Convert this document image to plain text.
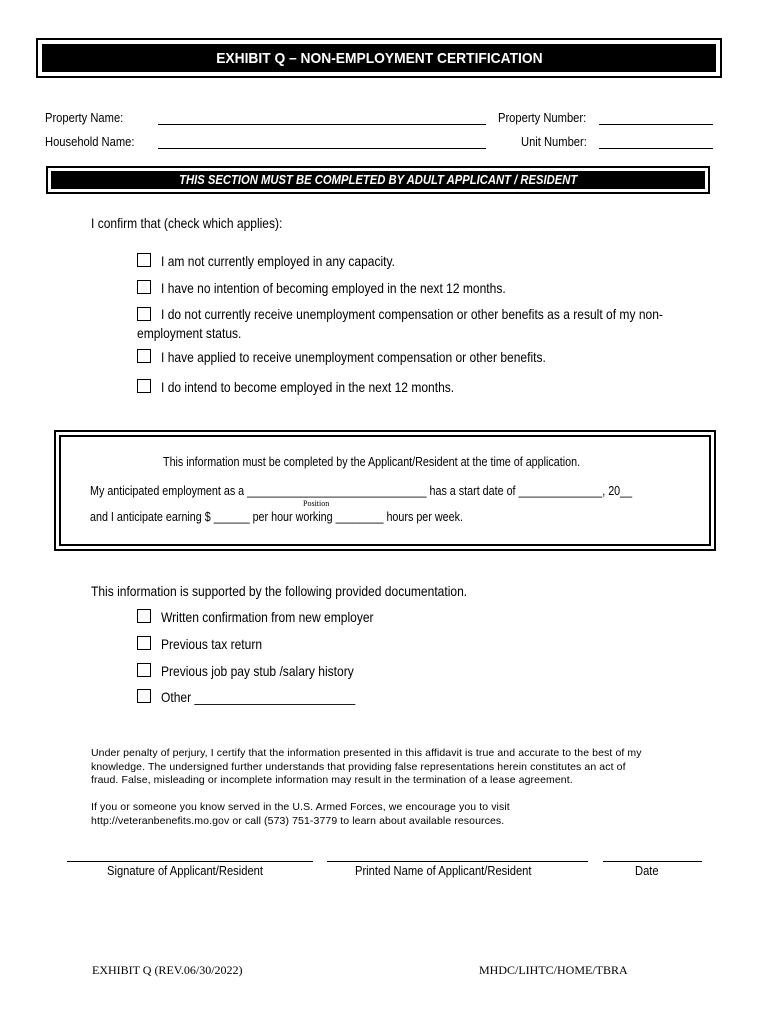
EXHIBIT Q – NON-EMPLOYMENT CERTIFICATION
Property Name:	Property Number:
Household Name:	Unit Number:
THIS SECTION MUST BE COMPLETED BY ADULT APPLICANT / RESIDENT
I confirm that (check which applies):
I am not currently employed in any capacity.
I have no intention of becoming employed in the next 12 months.
I do not currently receive unemployment compensation or other benefits as a result of my non-
employment status.
I have applied to receive unemployment compensation or other benefits.
I do intend to become employed in the next 12 months.
This information must be completed by the Applicant/Resident at the time of application.
My anticipated employment as a ______________________________ has a start date of ______________, 20__
Position
and I anticipate earning $ ______ per hour working ________ hours per week.
This information is supported by the following provided documentation.
Written confirmation from new employer
Previous tax return
Previous job pay stub /salary history
Other ________________________
Under penalty of perjury, I certify that the information presented in this affidavit is true and accurate to the best of my
knowledge. The undersigned further understands that providing false representations herein constitutes an act of
fraud. False, misleading or incomplete information may result in the termination of a lease agreement.
If you or someone you know served in the U.S. Armed Forces, we encourage you to visit
http://veteranbenefits.mo.gov or call (573) 751-3779 to learn about available resources.
Signature of Applicant/Resident	Printed Name of Applicant/Resident	Date
EXHIBIT Q (REV.06/30/2022)	MHDC/LIHTC/HOME/TBRA
